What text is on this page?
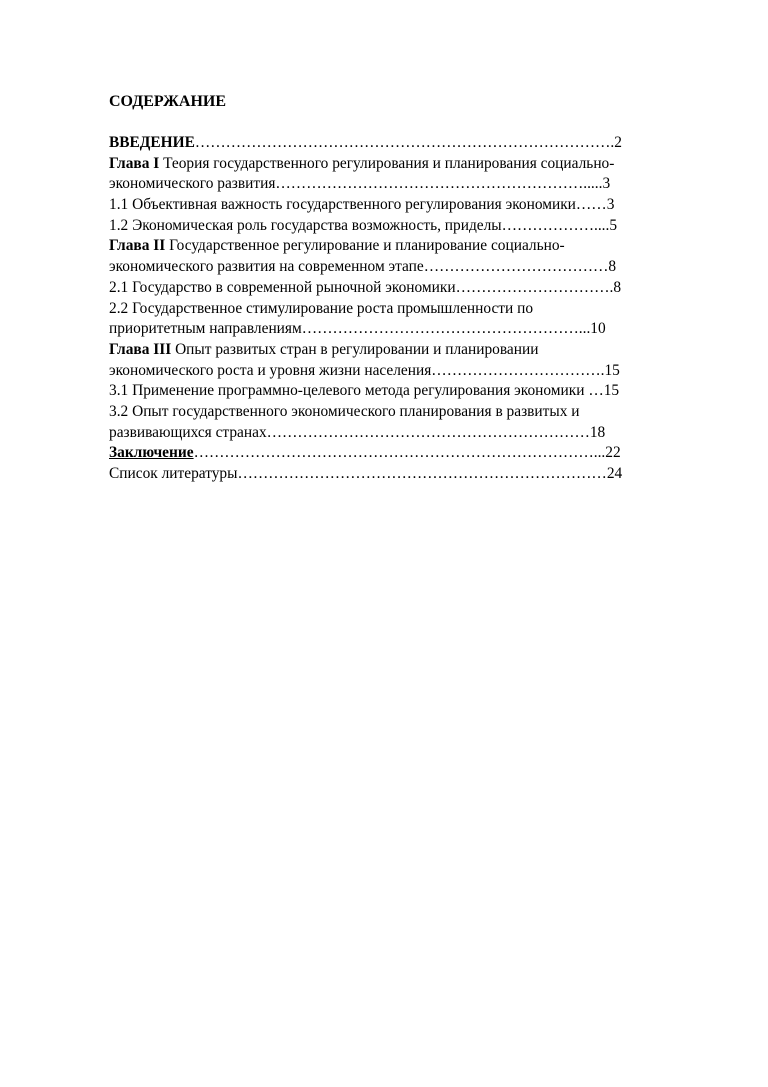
СОДЕРЖАНИЕ
ВВЕДЕНИЕ……………………………………………………………………….2
Глава I Теория государственного регулирования и планирования социально-
экономического развития…………………………………………………….....3
1.1 Объективная важность государственного регулирования экономики……3
1.2 Экономическая роль государства возможность, приделы………………....5
Глава II Государственное регулирование и планирование социально-
экономического развития на современном этапе………………………………8
2.1 Государство в современной рыночной экономики………………………….8
2.2 Государственное стимулирование роста промышленности по
приоритетным направлениям………………………………………………...10
Глава III Опыт развитых стран в регулировании и планировании
экономического роста и уровня жизни населения…………………………….15
3.1 Применение программно-целевого метода регулирования экономики …15
3.2 Опыт государственного экономического планирования в развитых и
развивающихся странах………………………………………………………18
Заключение……………………………………………………………………...22
Список литературы………………………………………………………………24
